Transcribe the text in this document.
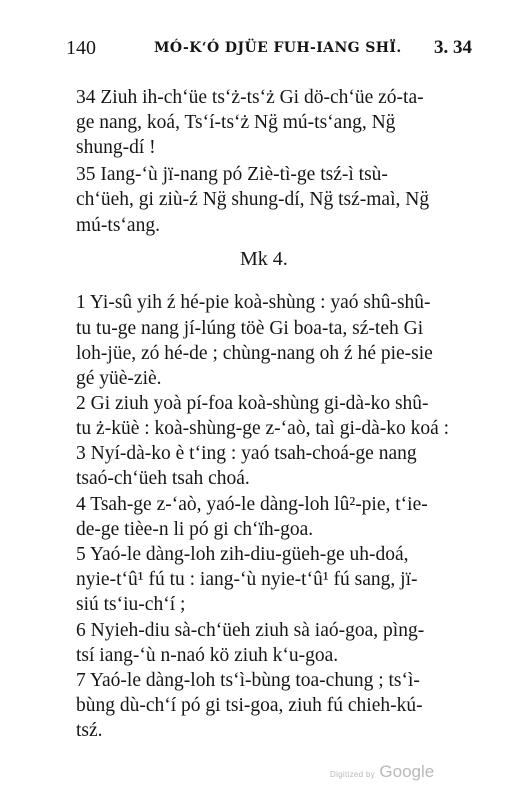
140	MÓ-K‘Ó DJÜE FUH-IANG SHÏ. 3. 34
34 Ziuh ih-ch‘üe ts‘ż-ts‘ż Gi dö-ch‘üe zó-ta-
ge nang, koá, Ts‘í-ts‘ż Ng̈ mú-ts‘ang, Ng̈
shung-dí !
35 Iang-‘ù jï-nang pó Ziè-tì-ge tsź-ì tsù-
ch‘üeh, gi ziù-ź Ng̈ shung-dí, Ng̈ tsź-maì, Ng̈
mú-ts‘ang.
Mk 4.
1 Yi-sû yih ź hé-pie koà-shùng : yaó shû-shû-
tu tu-ge nang jí-lúng töè Gi boa-ta, sź-teh Gi
loh-jüe, zó hé-de ; chùng-nang oh ź hé pie-sie
gé yüè-ziè.
2 Gi ziuh yoà pí-foa koà-shùng gi-dà-ko shû-
tu ż-küè : koà-shùng-ge z-‘aò, taì gi-dà-ko koá :
3 Nyí-dà-ko è t‘ing : yaó tsah-choá-ge nang
tsaó-ch‘üeh tsah choá.
4 Tsah-ge z-‘aò, yaó-le dàng-loh lû²-pie, t‘ie-
de-ge tièe-n li pó gi ch‘ïh-goa.
5 Yaó-le dàng-loh zih-diu-güeh-ge uh-doá,
nyie-t‘û¹ fú tu : iang-‘ù nyie-t‘û¹ fú sang, jï-
siú ts‘iu-ch‘í ;
6 Nyieh-diu sà-ch‘üeh ziuh sà iaó-goa, pìng-
tsí iang-‘ù n-naó kö ziuh k‘u-goa.
7 Yaó-le dàng-loh ts‘ì-bùng toa-chung ; ts‘ì-
bùng dù-ch‘í pó gi tsi-goa, ziuh fú chieh-kú-
tsź.
Digitized by Google
